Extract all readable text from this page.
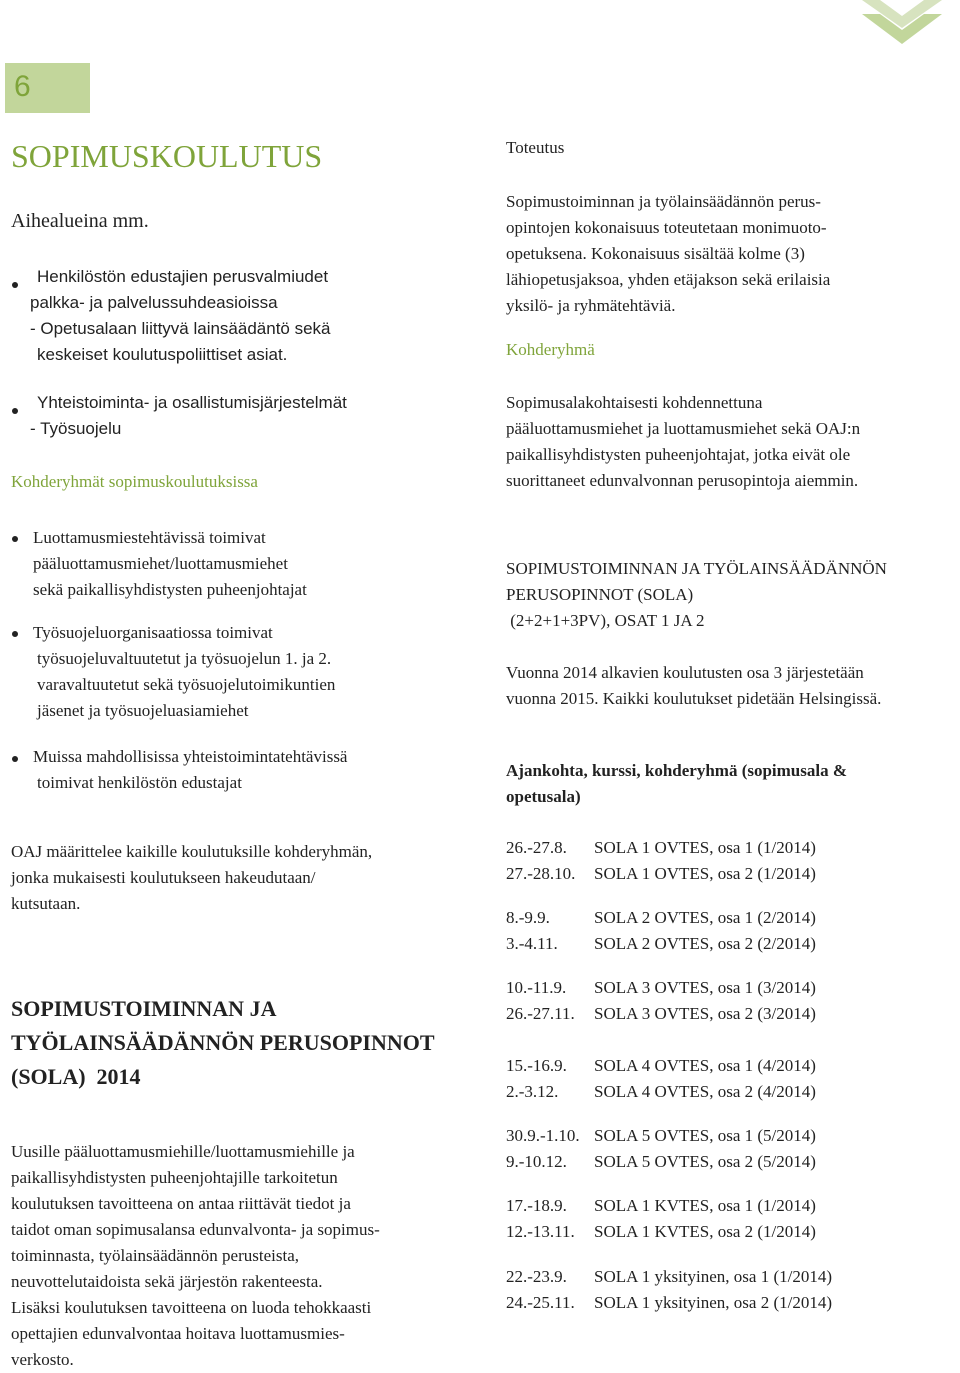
6
SOPIMUSKOULUTUS
Aihealueina mm.
Henkilöstön edustajien perusvalmiudet
palkka- ja palvelussuhdeasioissa
- Opetusalaan liittyvä lainsäädäntö sekä
keskeiset koulutuspoliittiset asiat.
Yhteistoiminta- ja osallistumisjärjestelmät
- Työsuojelu
Kohderyhmät sopimuskoulutuksissa
Luottamusmiestehtävissä toimivat
pääluottamusmiehet/luottamusmiehet
sekä paikallisyhdistysten puheenjohtajat
Työsuojeluorganisaatiossa toimivat
työsuojeluvaltuutetut ja työsuojelun 1. ja 2.
varavaltuutetut sekä työsuojelutoimikuntien
jäsenet ja työsuojeluasiamiehet
Muissa mahdollisissa yhteistoimintatehtävissä
toimivat henkilöstön edustajat
OAJ määrittelee kaikille koulutuksille kohderyhmän,
jonka mukaisesti koulutukseen hakeudutaan/
kutsutaan.
SOPIMUSTOIMINNAN JA
TYÖLAINSÄÄDÄNNÖN PERUSOPINNOT
(SOLA)  2014
Uusille pääluottamusmiehille/luottamusmiehille ja
paikallisyhdistysten puheenjohtajille tarkoitetun
koulutuksen tavoitteena on antaa riittävät tiedot ja
taidot oman sopimusalansa edunvalvonta- ja sopimus-
toiminnasta, työlainsäädännön perusteista,
neuvottelutaidoista sekä järjestön rakenteesta.
Lisäksi koulutuksen tavoitteena on luoda tehokkaasti
opettajien edunvalvontaa hoitava luottamusmies-
verkosto.
Toteutus
Sopimustoiminnan ja työlainsäädännön perus-
opintojen kokonaisuus toteutetaan monimuoto-
opetuksena. Kokonaisuus sisältää kolme (3)
lähiopetusjaksoa, yhden etäjakson sekä erilaisia
yksilö- ja ryhmätehtäviä.
Kohderyhmä
Sopimusalakohtaisesti kohdennettuna
pääluottamusmiehet ja luottamusmiehet sekä OAJ:n
paikallisyhdistysten puheenjohtajat, jotka eivät ole
suorittaneet edunvalvonnan perusopintoja aiemmin.
SOPIMUSTOIMINNAN JA TYÖLAINSÄÄDÄNNÖN
PERUSOPINNOT (SOLA)
(2+2+1+3PV), OSAT 1 JA 2
Vuonna 2014 alkavien koulutusten osa 3 järjestetään
vuonna 2015. Kaikki koulutukset pidetään Helsingissä.
Ajankohta, kurssi, kohderyhmä (sopimusala &
opetusala)
26.-27.8. SOLA 1 OVTES, osa 1 (1/2014)
27.-28.10. SOLA 1 OVTES, osa 2 (1/2014)
8.-9.9.	SOLA 2 OVTES, osa 1 (2/2014)
3.-4.11. SOLA 2 OVTES, osa 2 (2/2014)
10.-11.9. SOLA 3 OVTES, osa 1 (3/2014)
26.-27.11. SOLA 3 OVTES, osa 2 (3/2014)
15.-16.9. SOLA 4 OVTES, osa 1 (4/2014)
2.-3.12. SOLA 4 OVTES, osa 2 (4/2014)
30.9.-1.10. SOLA 5 OVTES, osa 1 (5/2014)
9.-10.12. SOLA 5 OVTES, osa 2 (5/2014)
17.-18.9. SOLA 1 KVTES, osa 1 (1/2014)
12.-13.11. SOLA 1 KVTES, osa 2 (1/2014)
22.-23.9. SOLA 1 yksityinen, osa 1 (1/2014)
24.-25.11. SOLA 1 yksityinen, osa 2 (1/2014)
